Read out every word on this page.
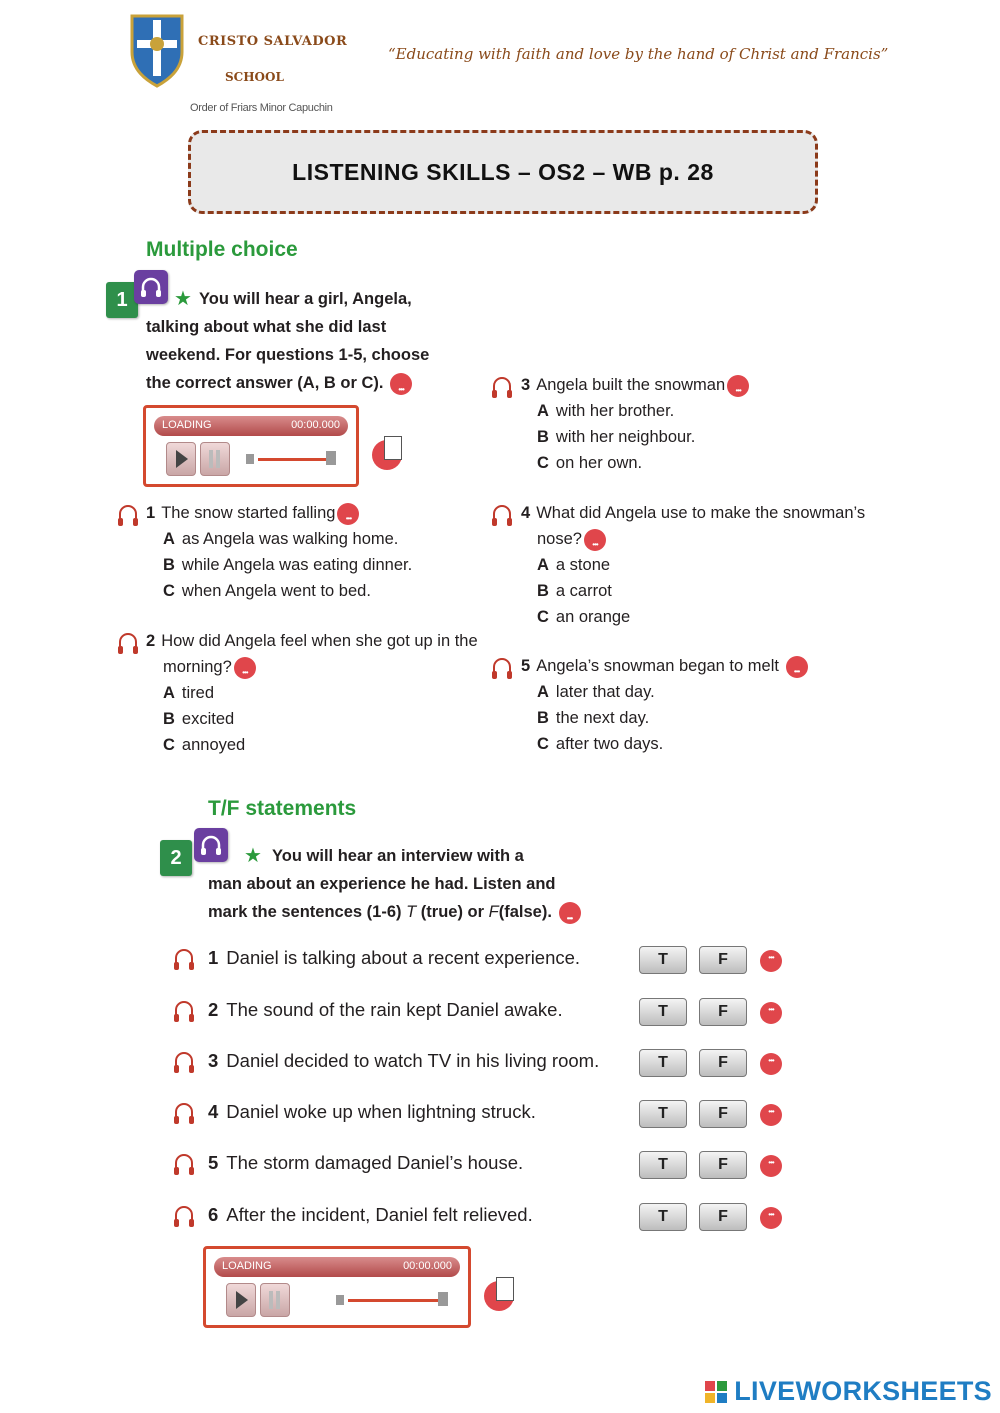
CRISTO SALVADOR
SCHOOL
Order of Friars Minor Capuchin
“Educating with faith and love by the hand of Christ and Francis”
LISTENING SKILLS – OS2 – WB p. 28
Multiple choice
1	★ You will hear a girl, Angela,
talking about what she did last
weekend. For questions 1-5, choose
the correct answer (A, B or C). •••
LOADING	00:00.000
1 The snow started falling•••
A as Angela was walking home.
B while Angela was eating dinner.
C when Angela went to bed.
2 How did Angela feel when she got up in the
morning?•••
A tired
B excited
C annoyed
3 Angela built the snowman•••
A with her brother.
B with her neighbour.
C on her own.
4 What did Angela use to make the snowman’s
nose?•••
A a stone
B a carrot
C an orange
5 Angela’s snowman began to melt •••
A later that day.
B the next day.
C after two days.
T/F statements
2	★ You will hear an interview with a
man about an experience he had. Listen and
mark the sentences (1-6) T (true) or F(false). •••
1 Daniel is talking about a recent experience.	T	F
•••
2 The sound of the rain kept Daniel awake.	T	F
•••
3 Daniel decided to watch TV in his living room.	T	F
•••
4 Daniel woke up when lightning struck.	T	F
•••
5 The storm damaged Daniel’s house.	T	F
•••
6 After the incident, Daniel felt relieved.	T	F
•••
LOADING	00:00.000
LIVEWORKSHEETS
